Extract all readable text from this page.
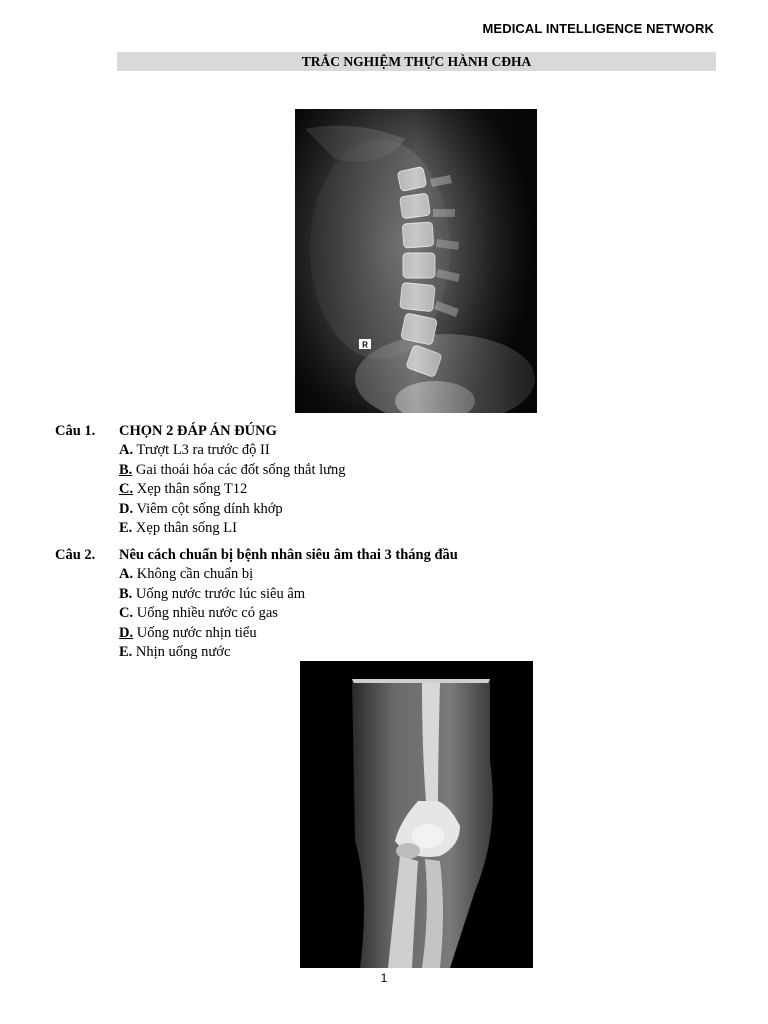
MEDICAL INTELLIGENCE NETWORK
TRẮC NGHIỆM THỰC HÀNH CĐHA
R
Câu 1.	CHỌN 2 ĐÁP ÁN ĐÚNG
A. Trượt L3 ra trước độ II
B. Gai thoái hóa các đốt sống thắt lưng
C. Xẹp thân sống T12
D. Viêm cột sống dính khớp
E. Xẹp thân sống LI
Câu 2.	Nêu cách chuẩn bị bệnh nhân siêu âm thai 3 tháng đầu
A. Không cần chuẩn bị
B. Uống nước trước lúc siêu âm
C. Uống nhiều nước có gas
D. Uống nước nhịn tiểu
E. Nhịn uống nước
1
